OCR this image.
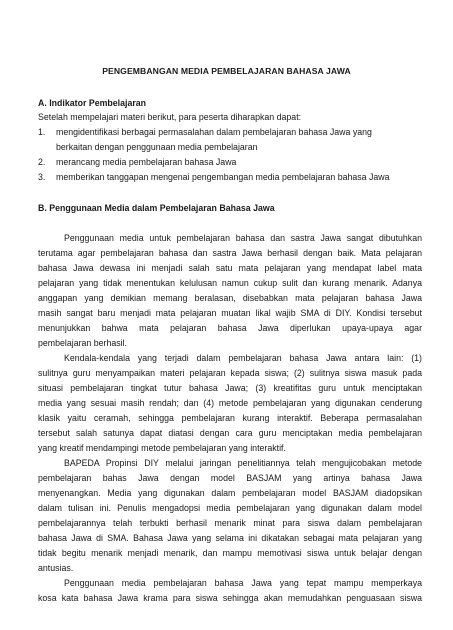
PENGEMBANGAN MEDIA PEMBELAJARAN BAHASA JAWA
A. Indikator Pembelajaran
Setelah mempelajari materi berikut, para peserta diharapkan dapat:
1. mengidentifikasi berbagai permasalahan dalam pembelajaran bahasa Jawa yang
berkaitan dengan penggunaan media pembelajaran
2. merancang media pembelajaran bahasa Jawa
3. memberikan tanggapan mengenai pengembangan media pembelajaran bahasa Jawa
B. Penggunaan Media dalam Pembelajaran Bahasa Jawa
Penggunaan media untuk pembelajaran bahasa dan sastra Jawa sangat dibutuhkan
terutama agar pembelajaran bahasa dan sastra Jawa berhasil dengan baik. Mata pelajaran
bahasa Jawa dewasa ini menjadi salah satu mata pelajaran yang mendapat label mata
pelajaran yang tidak menentukan kelulusan namun cukup sulit dan kurang menarik. Adanya
anggapan yang demikian memang beralasan, disebabkan mata pelajaran bahasa Jawa
masih sangat baru menjadi mata pelajaran muatan likal wajib SMA di DIY. Kondisi tersebut
menunjukkan bahwa mata pelajaran bahasa Jawa diperlukan upaya-upaya agar
pembelajaran berhasil.
Kendala-kendala yang terjadi dalam pembelajaran bahasa Jawa antara lain: (1)
sulitnya guru menyampaikan materi pelajaran kepada siswa; (2) sulitnya siswa masuk pada
situasi pembelajaran tingkat tutur bahasa Jawa; (3) kreatifitas guru untuk menciptakan
media yang sesuai masih rendah; dan (4) metode pembelajaran yang digunakan cenderung
klasik yaitu ceramah, sehingga pembelajaran kurang interaktif. Beberapa permasalahan
tersebut salah satunya dapat diatasi dengan cara guru menciptakan media pembelajaran
yang kreatif mendampingi metode pembelajaran yang interaktif.
BAPEDA Propinsi DIY melalui jaringan penelitiannya telah mengujicobakan metode
pembelajaran bahas Jawa dengan model BASJAM yang artinya bahasa Jawa
menyenangkan. Media yang digunakan dalam pembelajaran model BASJAM diadopsikan
dalam tulisan ini. Penulis mengadopsi media pembelajaran yang digunakan dalam model
pembelajarannya telah terbukti berhasil menarik minat para siswa dalam pembelajaran
bahasa Jawa di SMA. Bahasa Jawa yang selama ini dikatakan sebagai mata pelajaran yang
tidak begitu menarik menjadi menarik, dan mampu memotivasi siswa untuk belajar dengan
antusias.
Penggunaan media pembelajaran bahasa Jawa yang tepat mampu memperkaya
kosa kata bahasa Jawa krama para siswa sehingga akan memudahkan penguasaan siswa
